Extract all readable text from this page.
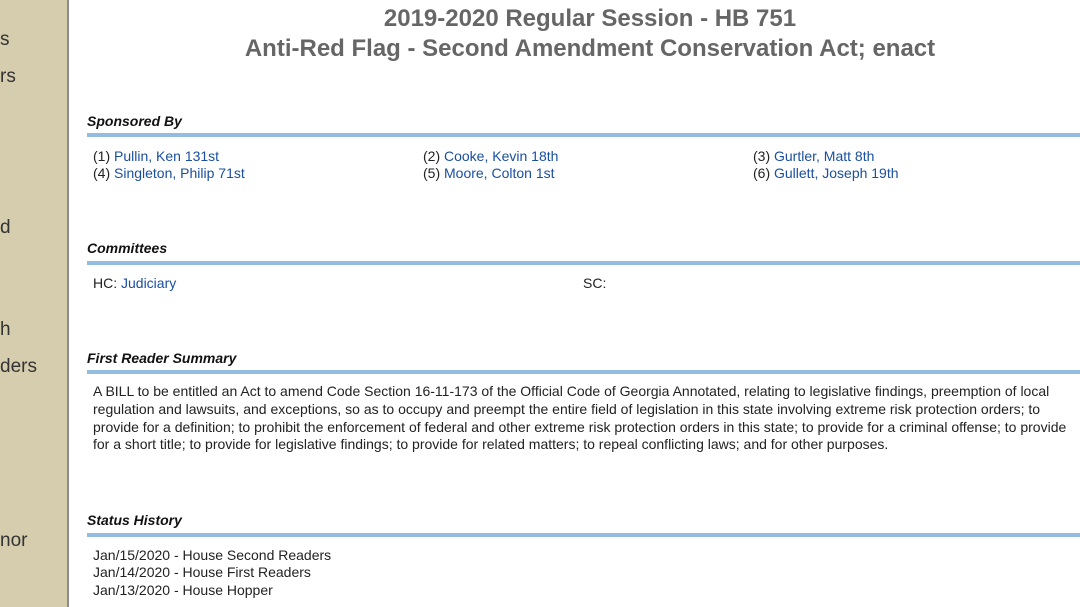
s
rs
d
h
ders
nor
2019-2020 Regular Session - HB 751
Anti-Red Flag - Second Amendment Conservation Act; enact
Sponsored By
(1) Pullin, Ken 131st	(2) Cooke, Kevin 18th	(3) Gurtler, Matt 8th
(4) Singleton, Philip 71st	(5) Moore, Colton 1st	(6) Gullett, Joseph 19th
Committees
HC: Judiciary	SC:
First Reader Summary
A BILL to be entitled an Act to amend Code Section 16-11-173 of the Official Code of Georgia Annotated, relating to legislative findings, preemption of local regulation and lawsuits, and exceptions, so as to occupy and preempt the entire field of legislation in this state involving extreme risk protection orders; to provide for a definition; to prohibit the enforcement of federal and other extreme risk protection orders in this state; to provide for a criminal offense; to provide for a short title; to provide for legislative findings; to provide for related matters; to repeal conflicting laws; and for other purposes.
Status History
Jan/15/2020 - House Second Readers
Jan/14/2020 - House First Readers
Jan/13/2020 - House Hopper
